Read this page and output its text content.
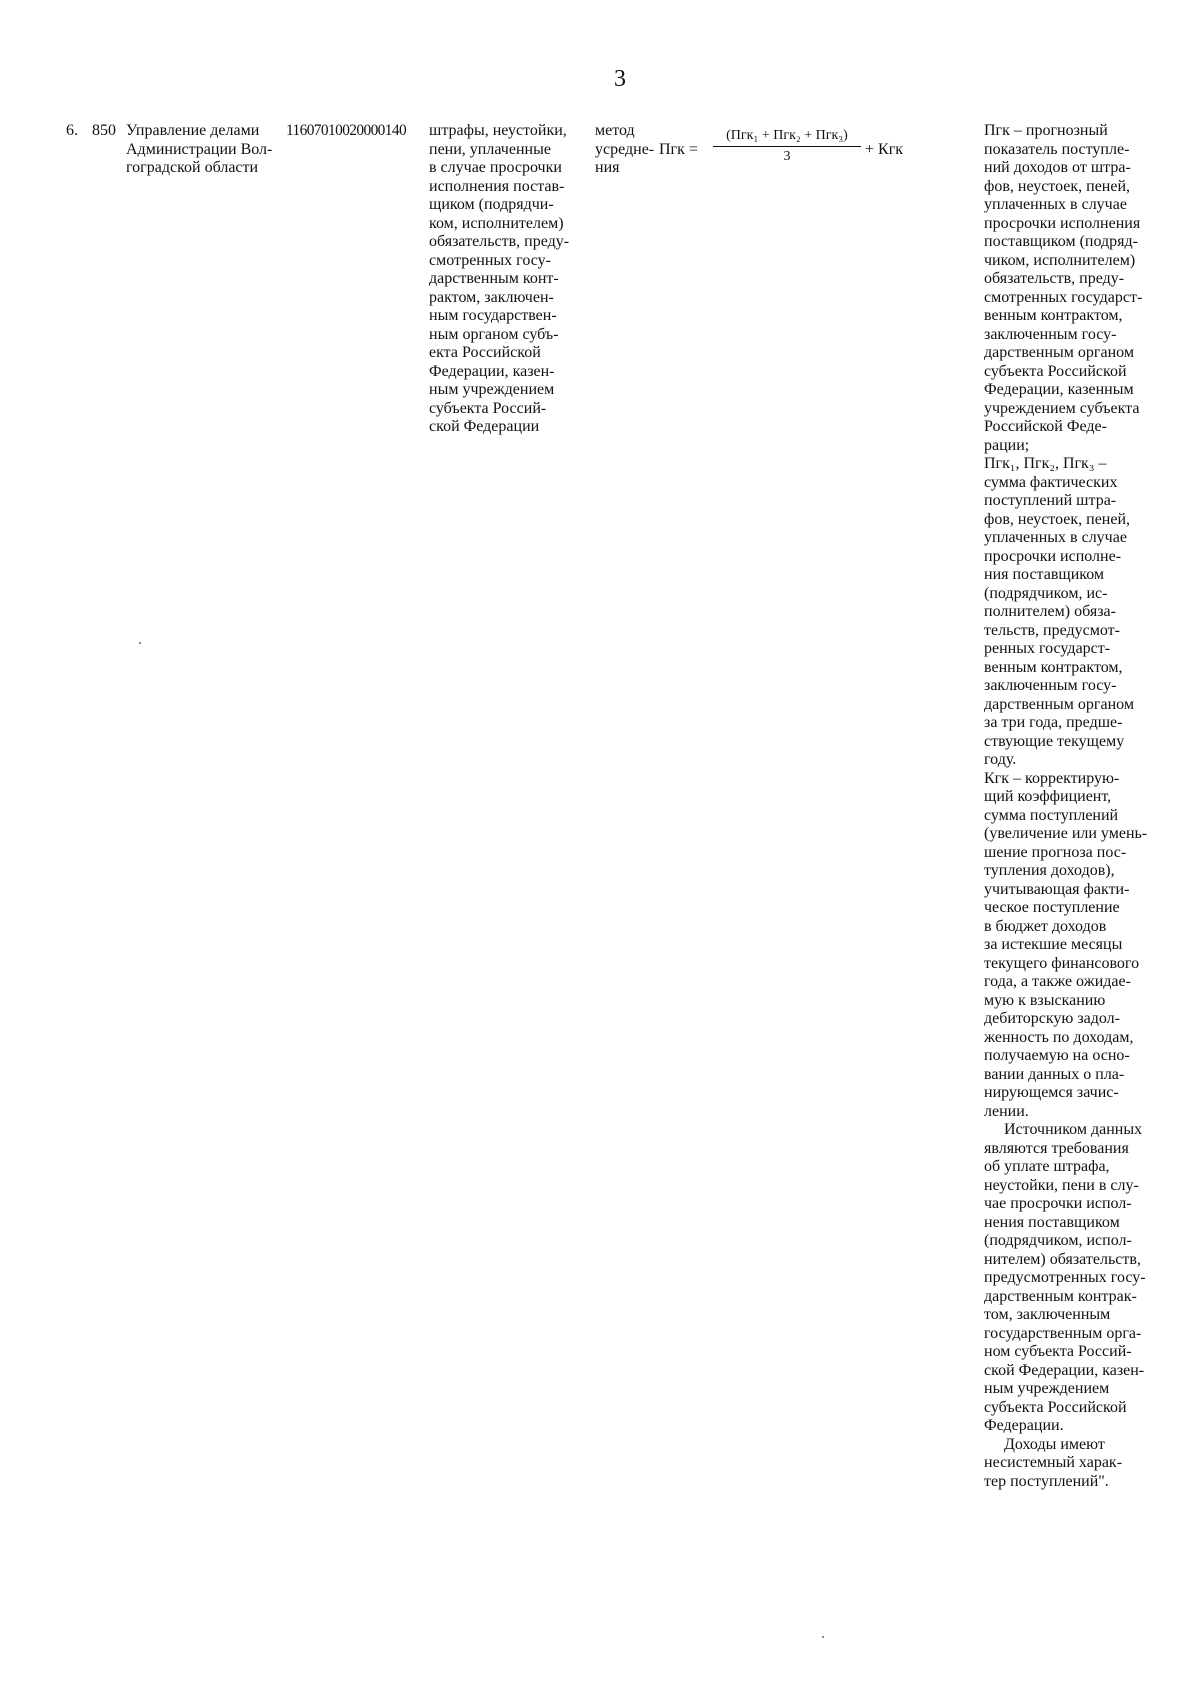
3
6. 850 Управление делами
Администрации Вол-
гоградской области
11607010020000140 штрафы, неустойки,
пени, уплаченные
в случае просрочки
исполнения постав-
щиком (подрядчи-
ком, исполнителем)
обязательств, преду-
смотренных госу-
дарственным конт-
рактом, заключен-
ным государствен-
ным органом субъ-
екта Российской
Федерации, казен-
ным учреждением
субъекта Россий-
ской Федерации
метод
усредне-
ния
Пгк =
(Пгк₁ + Пгк₂ + Пгк₃)
3	+ Кгк
Пгк – прогнозный
показатель поступле-
ний доходов от штра-
фов, неустоек, пеней,
уплаченных в случае
просрочки исполнения
поставщиком (подряд-
чиком, исполнителем)
обязательств, преду-
смотренных государст-
венным контрактом,
заключенным госу-
дарственным органом
субъекта Российской
Федерации, казенным
учреждением субъекта
Российской Феде-
рации;
Пгк₁, Пгк₂, Пгк₃ –
сумма фактических
поступлений штра-
фов, неустоек, пеней,
уплаченных в случае
просрочки исполне-
ния поставщиком
(подрядчиком, ис-
полнителем) обяза-
тельств, предусмот-
ренных государст-
венным контрактом,
заключенным госу-
дарственным органом
за три года, предше-
ствующие текущему
году.
Кгк – корректирую-
щий коэффициент,
сумма поступлений
(увеличение или умень-
шение прогноза пос-
тупления доходов),
учитывающая факти-
ческое поступление
в бюджет доходов
за истекшие месяцы
текущего финансового
года, а также ожидае-
мую к взысканию
дебиторскую задол-
женность по доходам,
получаемую на осно-
вании данных о пла-
нирующемся зачис-
лении.
Источником данных
являются требования
об уплате штрафа,
неустойки, пени в слу-
чае просрочки испол-
нения поставщиком
(подрядчиком, испол-
нителем) обязательств,
предусмотренных госу-
дарственным контрак-
том, заключенным
государственным орга-
ном субъекта Россий-
ской Федерации, казен-
ным учреждением
субъекта Российской
Федерации.
Доходы имеют
несистемный харак-
тер поступлений".
